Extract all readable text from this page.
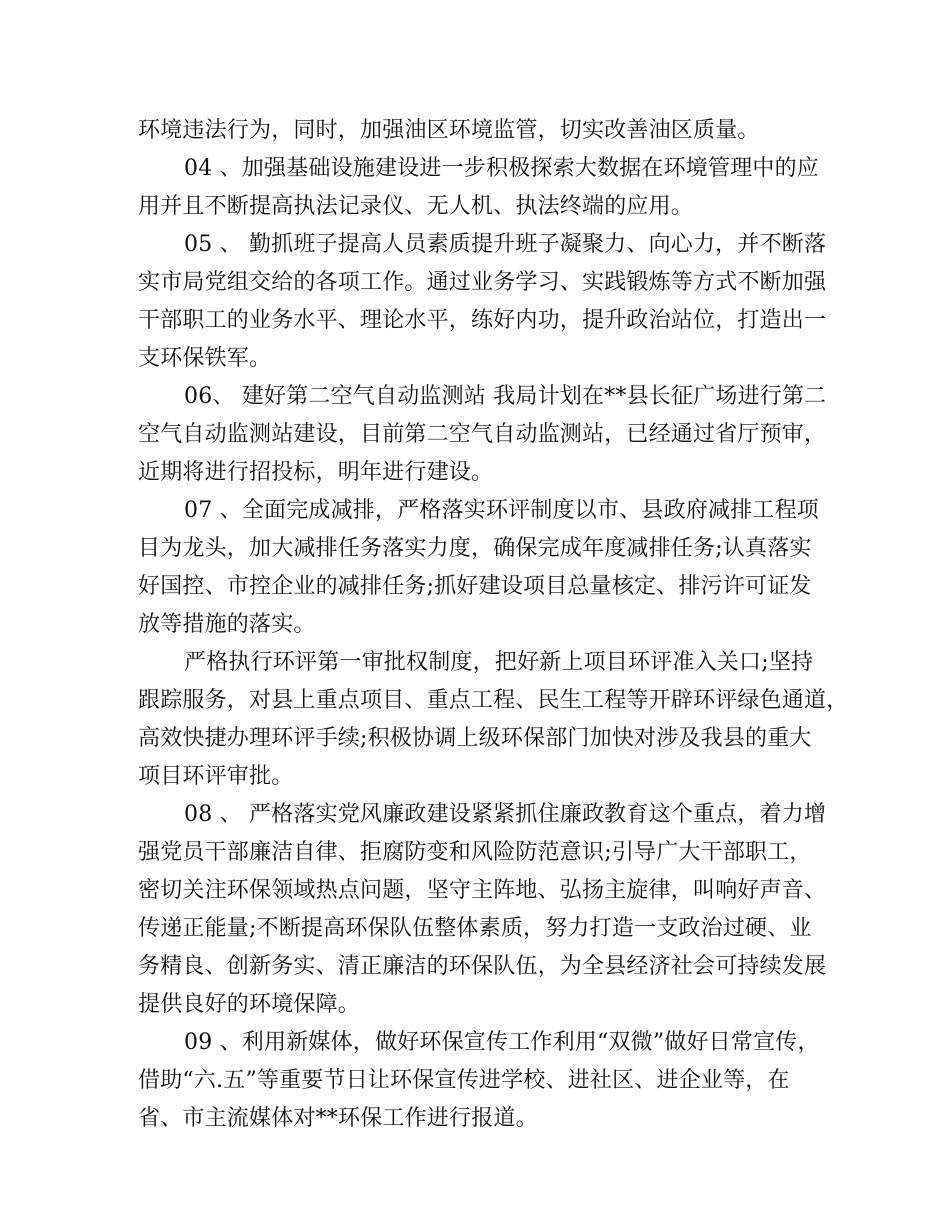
环境违法行为，同时，加强油区环境监管，切实改善油区质量。
04 、加强基础设施建设进一步积极探索大数据在环境管理中的应
用并且不断提高执法记录仪、无人机、执法终端的应用。
05 、 勤抓班子提高人员素质提升班子凝聚力、向心力，并不断落
实市局党组交给的各项工作。通过业务学习、实践锻炼等方式不断加强
干部职工的业务水平、理论水平，练好内功，提升政治站位，打造出一
支环保铁军。
06、 建好第二空气自动监测站 我局计划在**县长征广场进行第二
空气自动监测站建设，目前第二空气自动监测站，已经通过省厅预审，
近期将进行招投标，明年进行建设。
07 、全面完成减排，严格落实环评制度以市、县政府减排工程项
目为龙头，加大减排任务落实力度，确保完成年度减排任务;认真落实
好国控、市控企业的减排任务;抓好建设项目总量核定、排污许可证发
放等措施的落实。
严格执行环评第一审批权制度，把好新上项目环评准入关口;坚持
跟踪服务，对县上重点项目、重点工程、民生工程等开辟环评绿色通道，
高效快捷办理环评手续;积极协调上级环保部门加快对涉及我县的重大
项目环评审批。
08 、 严格落实党风廉政建设紧紧抓住廉政教育这个重点，着力增
强党员干部廉洁自律、拒腐防变和风险防范意识;引导广大干部职工，
密切关注环保领域热点问题，坚守主阵地、弘扬主旋律，叫响好声音、
传递正能量;不断提高环保队伍整体素质，努力打造一支政治过硬、业
务精良、创新务实、清正廉洁的环保队伍，为全县经济社会可持续发展
提供良好的环境保障。
09 、利用新媒体，做好环保宣传工作利用“双微”做好日常宣传，
借助“六.五”等重要节日让环保宣传进学校、进社区、进企业等，在
省、市主流媒体对**环保工作进行报道。
